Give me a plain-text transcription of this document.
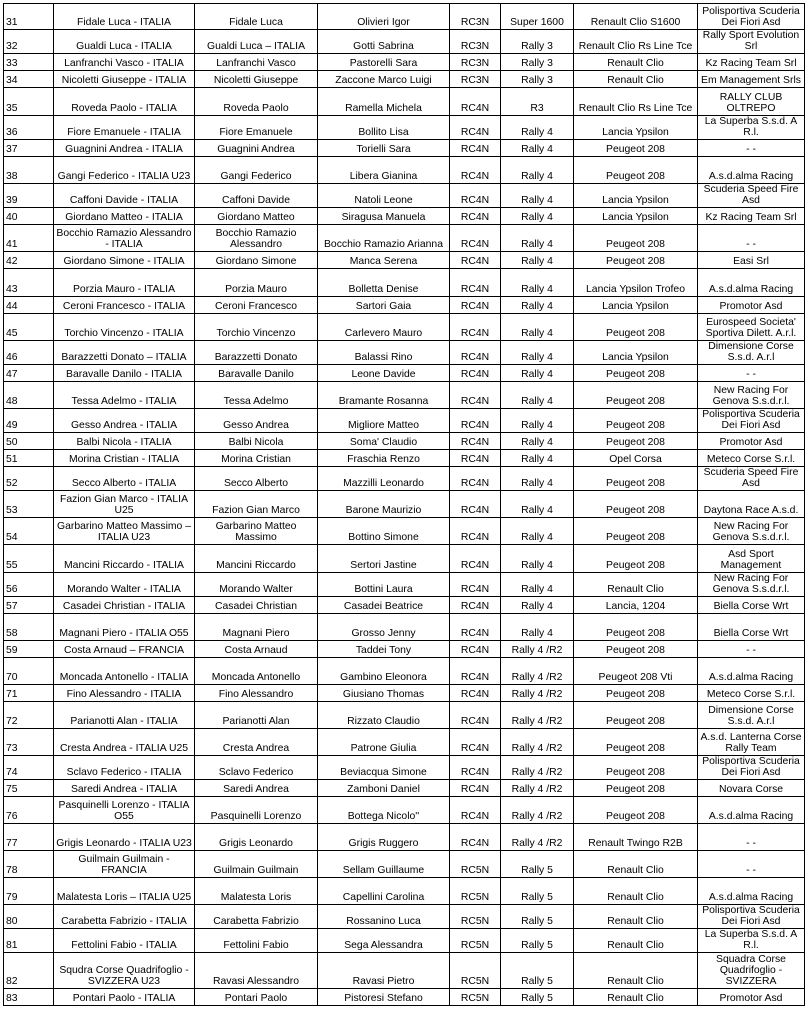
31	Fidale Luca - ITALIA	Fidale Luca	Olivieri Igor	RC3N	Super 1600	Renault Clio S1600	Polisportiva Scuderia Dei Fiori Asd
32	Gualdi Luca - ITALIA	Gualdi Luca – ITALIA	Gotti Sabrina	RC3N	Rally 3	Renault Clio Rs Line Tce	Rally Sport Evolution Srl
33	Lanfranchi Vasco - ITALIA	Lanfranchi Vasco	Pastorelli Sara	RC3N	Rally 3	Renault Clio	Kz Racing Team Srl
34	Nicoletti Giuseppe - ITALIA	Nicoletti Giuseppe	Zaccone Marco Luigi	RC3N	Rally 3	Renault Clio	Em Management Srls
35	Roveda Paolo - ITALIA	Roveda Paolo	Ramella Michela	RC4N	R3	Renault Clio Rs Line Tce	RALLY CLUB OLTREPO
36	Fiore Emanuele - ITALIA	Fiore Emanuele	Bollito Lisa	RC4N	Rally 4	Lancia Ypsilon	La Superba S.s.d. A R.l.
37	Guagnini Andrea - ITALIA	Guagnini Andrea	Torielli Sara	RC4N	Rally 4	Peugeot 208	- -
38	Gangi Federico - ITALIA U23	Gangi Federico	Libera Gianina	RC4N	Rally 4	Peugeot 208	A.s.d.alma Racing
39	Caffoni Davide - ITALIA	Caffoni Davide	Natoli Leone	RC4N	Rally 4	Lancia Ypsilon	Scuderia Speed Fire Asd
40	Giordano Matteo - ITALIA	Giordano Matteo	Siragusa Manuela	RC4N	Rally 4	Lancia Ypsilon	Kz Racing Team Srl
41	Bocchio Ramazio Alessandro - ITALIA	Bocchio Ramazio Alessandro	Bocchio Ramazio Arianna	RC4N	Rally 4	Peugeot 208	- -
42	Giordano Simone - ITALIA	Giordano Simone	Manca Serena	RC4N	Rally 4	Peugeot 208	Easi Srl
43	Porzia Mauro - ITALIA	Porzia Mauro	Bolletta Denise	RC4N	Rally 4	Lancia Ypsilon Trofeo	A.s.d.alma Racing
44	Ceroni Francesco - ITALIA	Ceroni Francesco	Sartori Gaia	RC4N	Rally 4	Lancia Ypsilon	Promotor Asd
45	Torchio Vincenzo - ITALIA	Torchio Vincenzo	Carlevero Mauro	RC4N	Rally 4	Peugeot 208	Eurospeed Societa' Sportiva Dilett. A.r.l.
46	Barazzetti Donato – ITALIA	Barazzetti Donato	Balassi Rino	RC4N	Rally 4	Lancia Ypsilon	Dimensione Corse S.s.d. A.r.l
47	Baravalle Danilo - ITALIA	Baravalle Danilo	Leone Davide	RC4N	Rally 4	Peugeot 208	- -
48	Tessa Adelmo - ITALIA	Tessa Adelmo	Bramante Rosanna	RC4N	Rally 4	Peugeot 208	New Racing For Genova S.s.d.r.l.
49	Gesso Andrea - ITALIA	Gesso Andrea	Migliore Matteo	RC4N	Rally 4	Peugeot 208	Polisportiva Scuderia Dei Fiori Asd
50	Balbi Nicola - ITALIA	Balbi Nicola	Soma' Claudio	RC4N	Rally 4	Peugeot 208	Promotor Asd
51	Morina Cristian - ITALIA	Morina Cristian	Fraschia Renzo	RC4N	Rally 4	Opel Corsa	Meteco Corse S.r.l.
52	Secco Alberto - ITALIA	Secco Alberto	Mazzilli Leonardo	RC4N	Rally 4	Peugeot 208	Scuderia Speed Fire Asd
53	Fazion Gian Marco - ITALIA U25	Fazion Gian Marco	Barone Maurizio	RC4N	Rally 4	Peugeot 208	Daytona Race A.s.d.
54	Garbarino Matteo Massimo – ITALIA U23	Garbarino Matteo Massimo	Bottino Simone	RC4N	Rally 4	Peugeot 208	New Racing For Genova S.s.d.r.l.
55	Mancini Riccardo - ITALIA	Mancini Riccardo	Sertori Jastine	RC4N	Rally 4	Peugeot 208	Asd Sport Management
56	Morando Walter - ITALIA	Morando Walter	Bottini Laura	RC4N	Rally 4	Renault Clio	New Racing For Genova S.s.d.r.l.
57	Casadei Christian - ITALIA	Casadei Christian	Casadei Beatrice	RC4N	Rally 4	Lancia, 1204	Biella Corse Wrt
58	Magnani Piero - ITALIA O55	Magnani Piero	Grosso Jenny	RC4N	Rally 4	Peugeot 208	Biella Corse Wrt
59	Costa Arnaud – FRANCIA	Costa Arnaud	Taddei Tony	RC4N	Rally 4 /R2	Peugeot 208	- -
70	Moncada Antonello - ITALIA	Moncada Antonello	Gambino Eleonora	RC4N	Rally 4 /R2	Peugeot 208 Vti	A.s.d.alma Racing
71	Fino Alessandro - ITALIA	Fino Alessandro	Giusiano Thomas	RC4N	Rally 4 /R2	Peugeot 208	Meteco Corse S.r.l.
72	Parianotti Alan - ITALIA	Parianotti Alan	Rizzato Claudio	RC4N	Rally 4 /R2	Peugeot 208	Dimensione Corse S.s.d. A.r.l
73	Cresta Andrea - ITALIA U25	Cresta Andrea	Patrone Giulia	RC4N	Rally 4 /R2	Peugeot 208	A.s.d. Lanterna Corse Rally Team
74	Sclavo Federico - ITALIA	Sclavo Federico	Beviacqua Simone	RC4N	Rally 4 /R2	Peugeot 208	Polisportiva Scuderia Dei Fiori Asd
75	Saredi Andrea - ITALIA	Saredi Andrea	Zamboni Daniel	RC4N	Rally 4 /R2	Peugeot 208	Novara Corse
76	Pasquinelli Lorenzo - ITALIA O55	Pasquinelli Lorenzo	Bottega Nicolo''	RC4N	Rally 4 /R2	Peugeot 208	A.s.d.alma Racing
77	Grigis Leonardo - ITALIA U23	Grigis Leonardo	Grigis Ruggero	RC4N	Rally 4 /R2	Renault Twingo R2B	- -
78	Guilmain Guilmain - FRANCIA	Guilmain Guilmain	Sellam Guillaume	RC5N	Rally 5	Renault Clio	- -
79	Malatesta Loris – ITALIA U25	Malatesta Loris	Capellini Carolina	RC5N	Rally 5	Renault Clio	A.s.d.alma Racing
80	Carabetta Fabrizio - ITALIA	Carabetta Fabrizio	Rossanino Luca	RC5N	Rally 5	Renault Clio	Polisportiva Scuderia Dei Fiori Asd
81	Fettolini Fabio - ITALIA	Fettolini Fabio	Sega Alessandra	RC5N	Rally 5	Renault Clio	La Superba S.s.d. A R.l.
82	Squdra Corse Quadrifoglio - SVIZZERA U23	Ravasi Alessandro	Ravasi Pietro	RC5N	Rally 5	Renault Clio	Squadra Corse Quadrifoglio - SVIZZERA
83	Pontari Paolo - ITALIA	Pontari Paolo	Pistoresi Stefano	RC5N	Rally 5	Renault Clio	Promotor Asd
